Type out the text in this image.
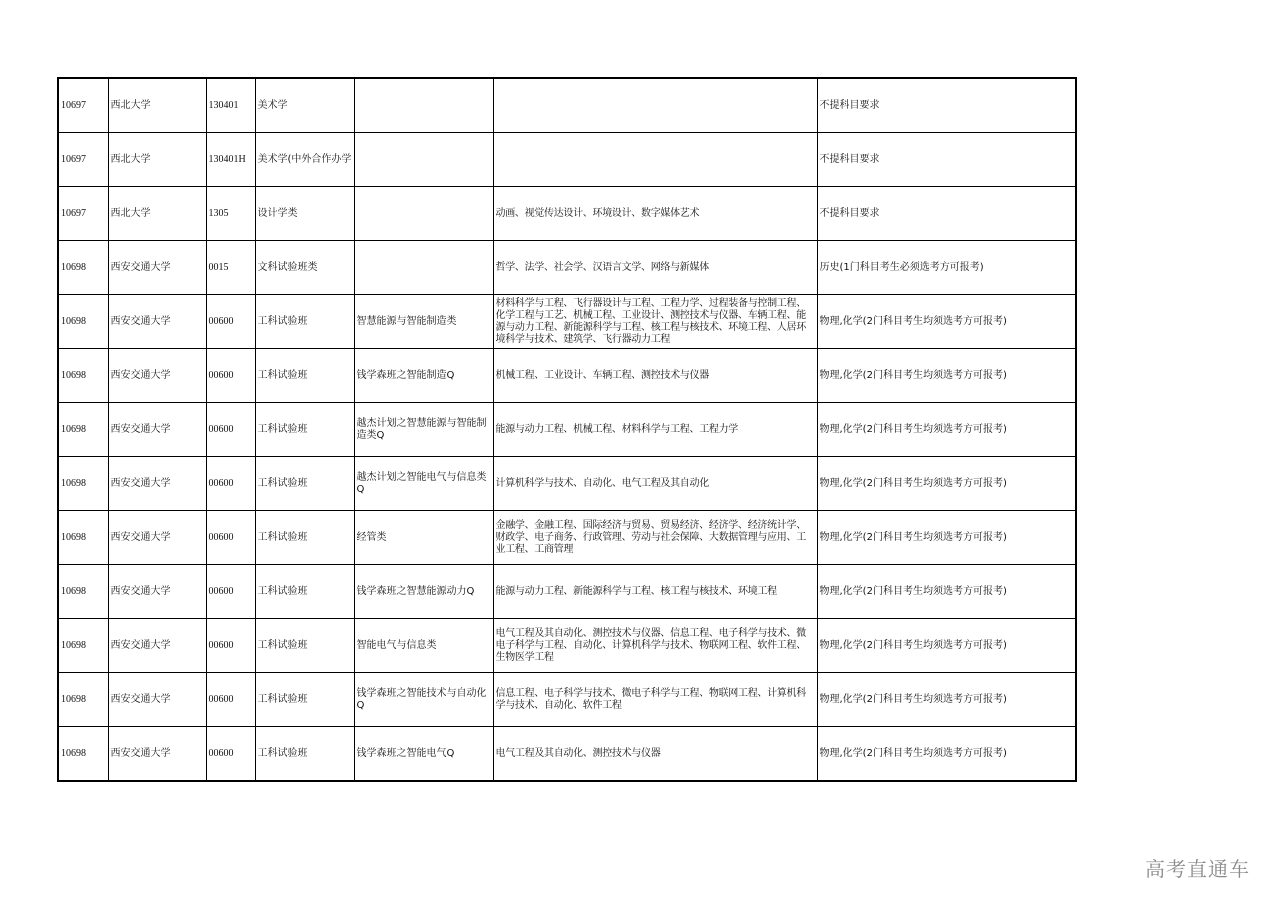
10697	西北大学	130401	美术学			不提科目要求
10697	西北大学	130401H	美术学(中外合作办学			不提科目要求
10697	西北大学	1305	设计学类		动画、视觉传达设计、环境设计、数字媒体艺术	不提科目要求
10698	西安交通大学	0015	文科试验班类		哲学、法学、社会学、汉语言文学、网络与新媒体	历史(1门科目考生必须选考方可报考)
10698	西安交通大学	00600	工科试验班	智慧能源与智能制造类	材料科学与工程、飞行器设计与工程、工程力学、过程装备与控制工程、化学工程与工艺、机械工程、工业设计、测控技术与仪器、车辆工程、能源与动力工程、新能源科学与工程、核工程与核技术、环境工程、人居环境科学与技术、建筑学、飞行器动力工程	物理,化学(2门科目考生均须选考方可报考)
10698	西安交通大学	00600	工科试验班	钱学森班之智能制造Q	机械工程、工业设计、车辆工程、测控技术与仪器	物理,化学(2门科目考生均须选考方可报考)
10698	西安交通大学	00600	工科试验班	越杰计划之智慧能源与智能制造类Q	能源与动力工程、机械工程、材料科学与工程、工程力学	物理,化学(2门科目考生均须选考方可报考)
10698	西安交通大学	00600	工科试验班	越杰计划之智能电气与信息类Q	计算机科学与技术、自动化、电气工程及其自动化	物理,化学(2门科目考生均须选考方可报考)
10698	西安交通大学	00600	工科试验班	经管类	金融学、金融工程、国际经济与贸易、贸易经济、经济学、经济统计学、财政学、电子商务、行政管理、劳动与社会保障、大数据管理与应用、工业工程、工商管理	物理,化学(2门科目考生均须选考方可报考)
10698	西安交通大学	00600	工科试验班	钱学森班之智慧能源动力Q	能源与动力工程、新能源科学与工程、核工程与核技术、环境工程	物理,化学(2门科目考生均须选考方可报考)
10698	西安交通大学	00600	工科试验班	智能电气与信息类	电气工程及其自动化、测控技术与仪器、信息工程、电子科学与技术、微电子科学与工程、自动化、计算机科学与技术、物联网工程、软件工程、生物医学工程	物理,化学(2门科目考生均须选考方可报考)
10698	西安交通大学	00600	工科试验班	钱学森班之智能技术与自动化Q	信息工程、电子科学与技术、微电子科学与工程、物联网工程、计算机科学与技术、自动化、软件工程	物理,化学(2门科目考生均须选考方可报考)
10698	西安交通大学	00600	工科试验班	钱学森班之智能电气Q	电气工程及其自动化、测控技术与仪器	物理,化学(2门科目考生均须选考方可报考)
高考直通车
